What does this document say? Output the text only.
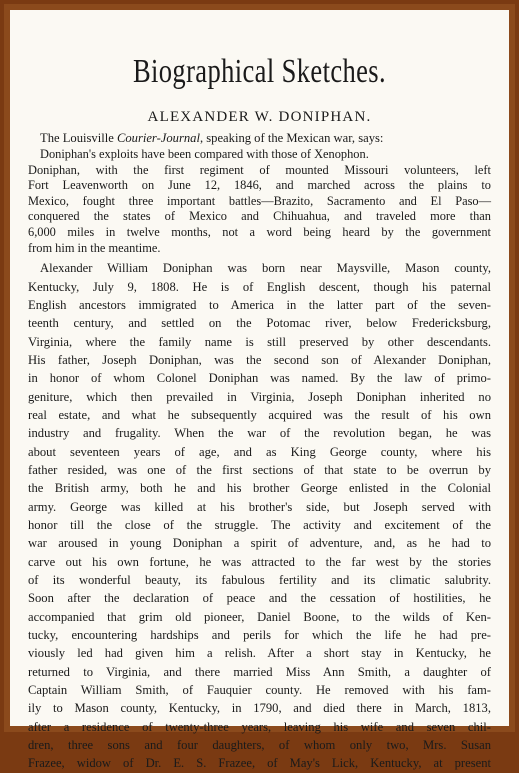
Biographical Sketches.
ALEXANDER W. DONIPHAN.
The Louisville Courier-Journal, speaking of the Mexican war, says:
Doniphan's exploits have been compared with those of Xenophon.
Doniphan, with the first regiment of mounted Missouri volunteers, left
Fort Leavenworth on June 12, 1846, and marched across the plains to
Mexico, fought three important battles—Brazito, Sacramento and El Paso—
conquered the states of Mexico and Chihuahua, and traveled more than
6,000 miles in twelve months, not a word being heard by the government
from him in the meantime.
Alexander William Doniphan was born near Maysville, Mason county,
Kentucky, July 9, 1808. He is of English descent, though his paternal
English ancestors immigrated to America in the latter part of the seven-
teenth century, and settled on the Potomac river, below Fredericksburg,
Virginia, where the family name is still preserved by other descendants.
His father, Joseph Doniphan, was the second son of Alexander Doniphan,
in honor of whom Colonel Doniphan was named. By the law of primo-
geniture, which then prevailed in Virginia, Joseph Doniphan inherited no
real estate, and what he subsequently acquired was the result of his own
industry and frugality. When the war of the revolution began, he was
about seventeen years of age, and as King George county, where his
father resided, was one of the first sections of that state to be overrun by
the British army, both he and his brother George enlisted in the Colonial
army. George was killed at his brother's side, but Joseph served with
honor till the close of the struggle. The activity and excitement of the
war aroused in young Doniphan a spirit of adventure, and, as he had to
carve out his own fortune, he was attracted to the far west by the stories
of its wonderful beauty, its fabulous fertility and its climatic salubrity.
Soon after the declaration of peace and the cessation of hostilities, he
accompanied that grim old pioneer, Daniel Boone, to the wilds of Ken-
tucky, encountering hardships and perils for which the life he had pre-
viously led had given him a relish. After a short stay in Kentucky, he
returned to Virginia, and there married Miss Ann Smith, a daughter of
Captain William Smith, of Fauquier county. He removed with his fam-
ily to Mason county, Kentucky, in 1790, and died there in March, 1813,
after a residence of twenty-three years, leaving his wife and seven chil-
dren, three sons and four daughters, of whom only two, Mrs. Susan
Frazee, widow of Dr. E. S. Frazee, of May's Lick, Kentucky, at present
